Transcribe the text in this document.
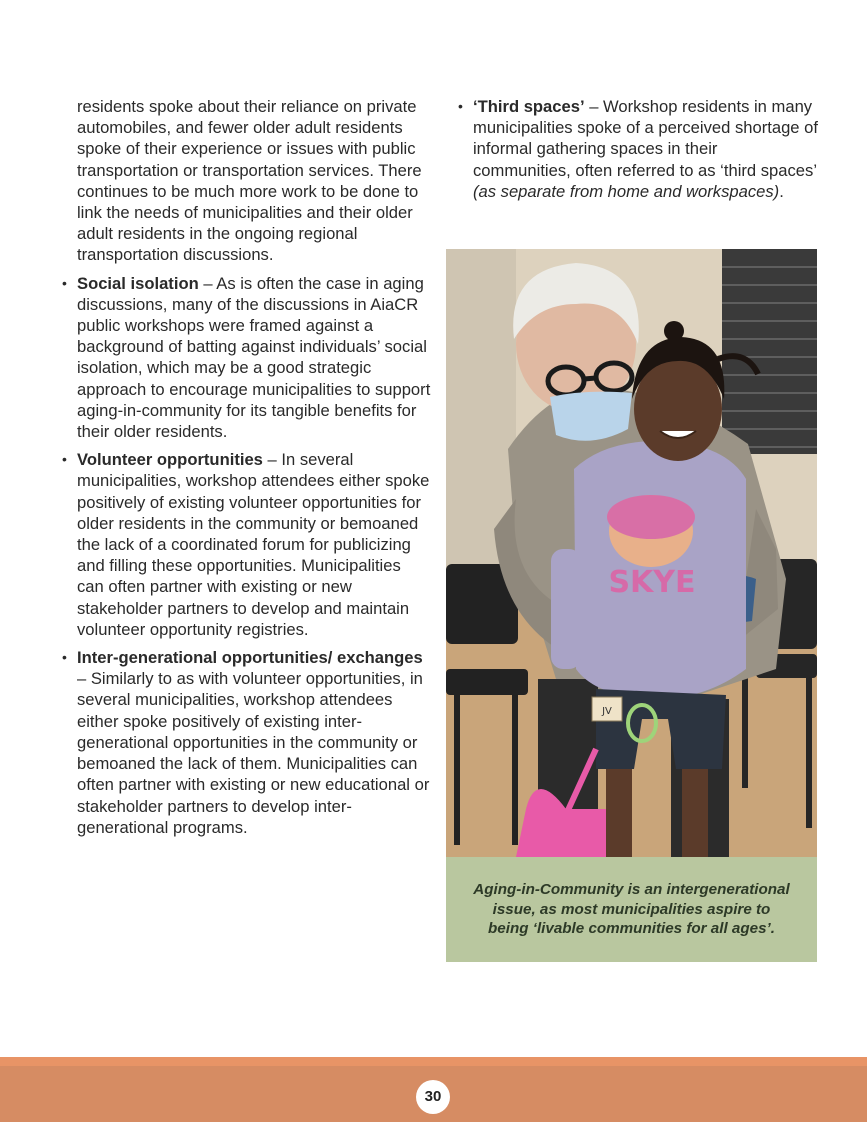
residents spoke about their reliance on private automobiles, and fewer older adult residents spoke of their experience or issues with public transportation or transportation services. There continues to be much more work to be done to link the needs of municipalities and their older adult residents in the ongoing regional transportation discussions.

• Social isolation – As is often the case in aging discussions, many of the discussions in AiaCR public workshops were framed against a background of batting against individuals’ social isolation, which may be a good strategic approach to encourage municipalities to support aging-in-community for its tangible benefits for their older residents.
• Volunteer opportunities – In several municipalities, workshop attendees either spoke positively of existing volunteer opportunities for older residents in the community or bemoaned the lack of a coordinated forum for publicizing and filling these opportunities. Municipalities can often partner with existing or new stakeholder partners to develop and maintain volunteer opportunity registries.
• Inter-generational opportunities/ exchanges – Similarly to as with volunteer opportunities, in several municipalities, workshop attendees either spoke positively of existing inter-generational opportunities in the community or bemoaned the lack of them. Municipalities can often partner with existing or new educational or stakeholder partners to develop inter-generational programs.
• ‘Third spaces’ – Workshop residents in many municipalities spoke of a perceived shortage of informal gathering spaces in their communities, often referred to as ‘third spaces’ (as separate from home and workspaces).
SKYE
JV
Aging-in-Community is an intergenerational issue, as most municipalities aspire to being ‘livable communities for all ages’.
30
